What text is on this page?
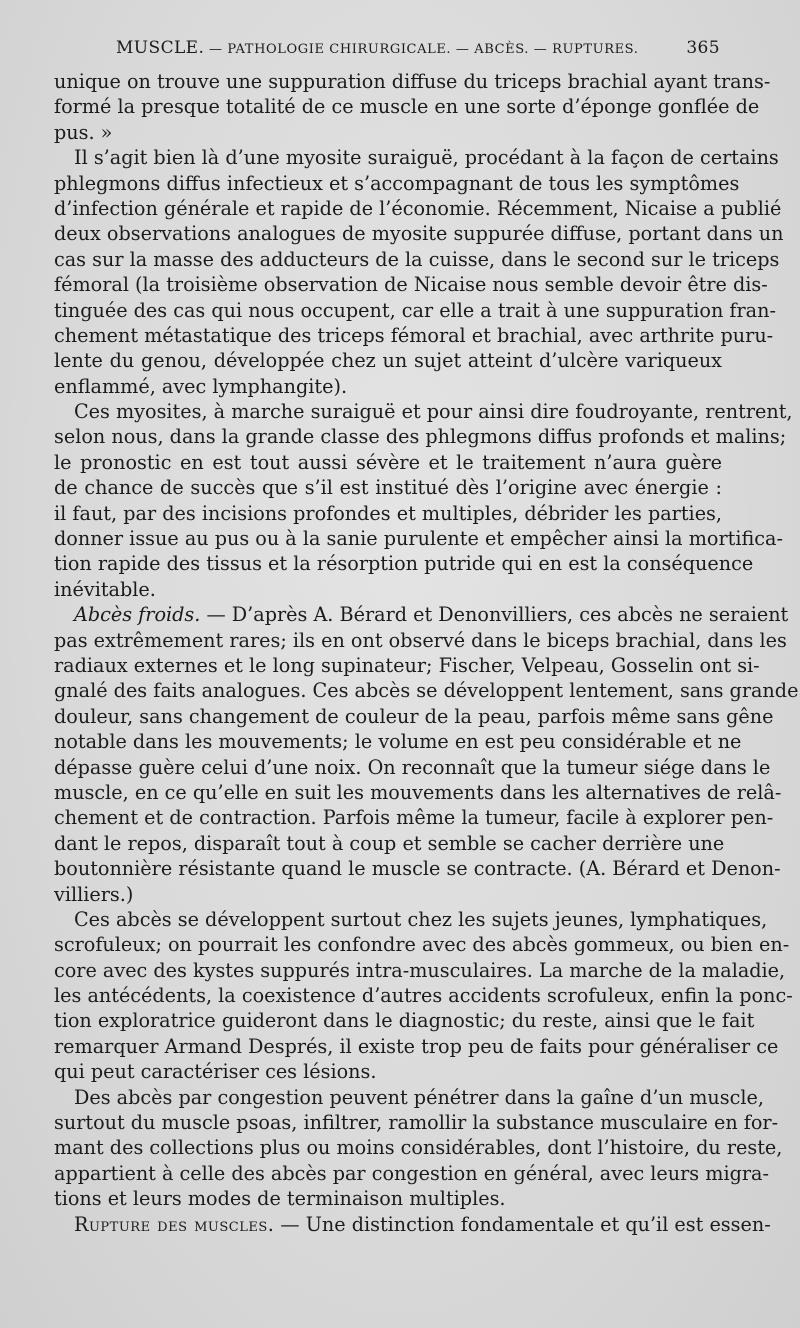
MUSCLE. — PATHOLOGIE CHIRURGICALE. — ABCÈS. — RUPTURES.	365
unique on trouve une suppuration diffuse du triceps brachial ayant trans-
formé la presque totalité de ce muscle en une sorte d’éponge gonflée de
pus. »
Il s’agit bien là d’une myosite suraiguë, procédant à la façon de certains
phlegmons diffus infectieux et s’accompagnant de tous les symptômes
d’infection générale et rapide de l’économie. Récemment, Nicaise a publié
deux observations analogues de myosite suppurée diffuse, portant dans un
cas sur la masse des adducteurs de la cuisse, dans le second sur le triceps
fémoral (la troisième observation de Nicaise nous semble devoir être dis-
tinguée des cas qui nous occupent, car elle a trait à une suppuration fran-
chement métastatique des triceps fémoral et brachial, avec arthrite puru-
lente du genou, développée chez un sujet atteint d’ulcère variqueux
enflammé, avec lymphangite).
Ces myosites, à marche suraiguë et pour ainsi dire foudroyante, rentrent,
selon nous, dans la grande classe des phlegmons diffus profonds et malins;
le pronostic en est tout aussi sévère et le traitement n’aura guère
de chance de succès que s’il est institué dès l’origine avec énergie :
il faut, par des incisions profondes et multiples, débrider les parties,
donner issue au pus ou à la sanie purulente et empêcher ainsi la mortifica-
tion rapide des tissus et la résorption putride qui en est la conséquence
inévitable.
Abcès froids. — D’après A. Bérard et Denonvilliers, ces abcès ne seraient
pas extrêmement rares; ils en ont observé dans le biceps brachial, dans les
radiaux externes et le long supinateur; Fischer, Velpeau, Gosselin ont si-
gnalé des faits analogues. Ces abcès se développent lentement, sans grande
douleur, sans changement de couleur de la peau, parfois même sans gêne
notable dans les mouvements; le volume en est peu considérable et ne
dépasse guère celui d’une noix. On reconnaît que la tumeur siége dans le
muscle, en ce qu’elle en suit les mouvements dans les alternatives de relâ-
chement et de contraction. Parfois même la tumeur, facile à explorer pen-
dant le repos, disparaît tout à coup et semble se cacher derrière une
boutonnière résistante quand le muscle se contracte. (A. Bérard et Denon-
villiers.)
Ces abcès se développent surtout chez les sujets jeunes, lymphatiques,
scrofuleux; on pourrait les confondre avec des abcès gommeux, ou bien en-
core avec des kystes suppurés intra-musculaires. La marche de la maladie,
les antécédents, la coexistence d’autres accidents scrofuleux, enfin la ponc-
tion exploratrice guideront dans le diagnostic; du reste, ainsi que le fait
remarquer Armand Després, il existe trop peu de faits pour généraliser ce
qui peut caractériser ces lésions.
Des abcès par congestion peuvent pénétrer dans la gaîne d’un muscle,
surtout du muscle psoas, infiltrer, ramollir la substance musculaire en for-
mant des collections plus ou moins considérables, dont l’histoire, du reste,
appartient à celle des abcès par congestion en général, avec leurs migra-
tions et leurs modes de terminaison multiples.
Rupture des muscles. — Une distinction fondamentale et qu’il est essen-
